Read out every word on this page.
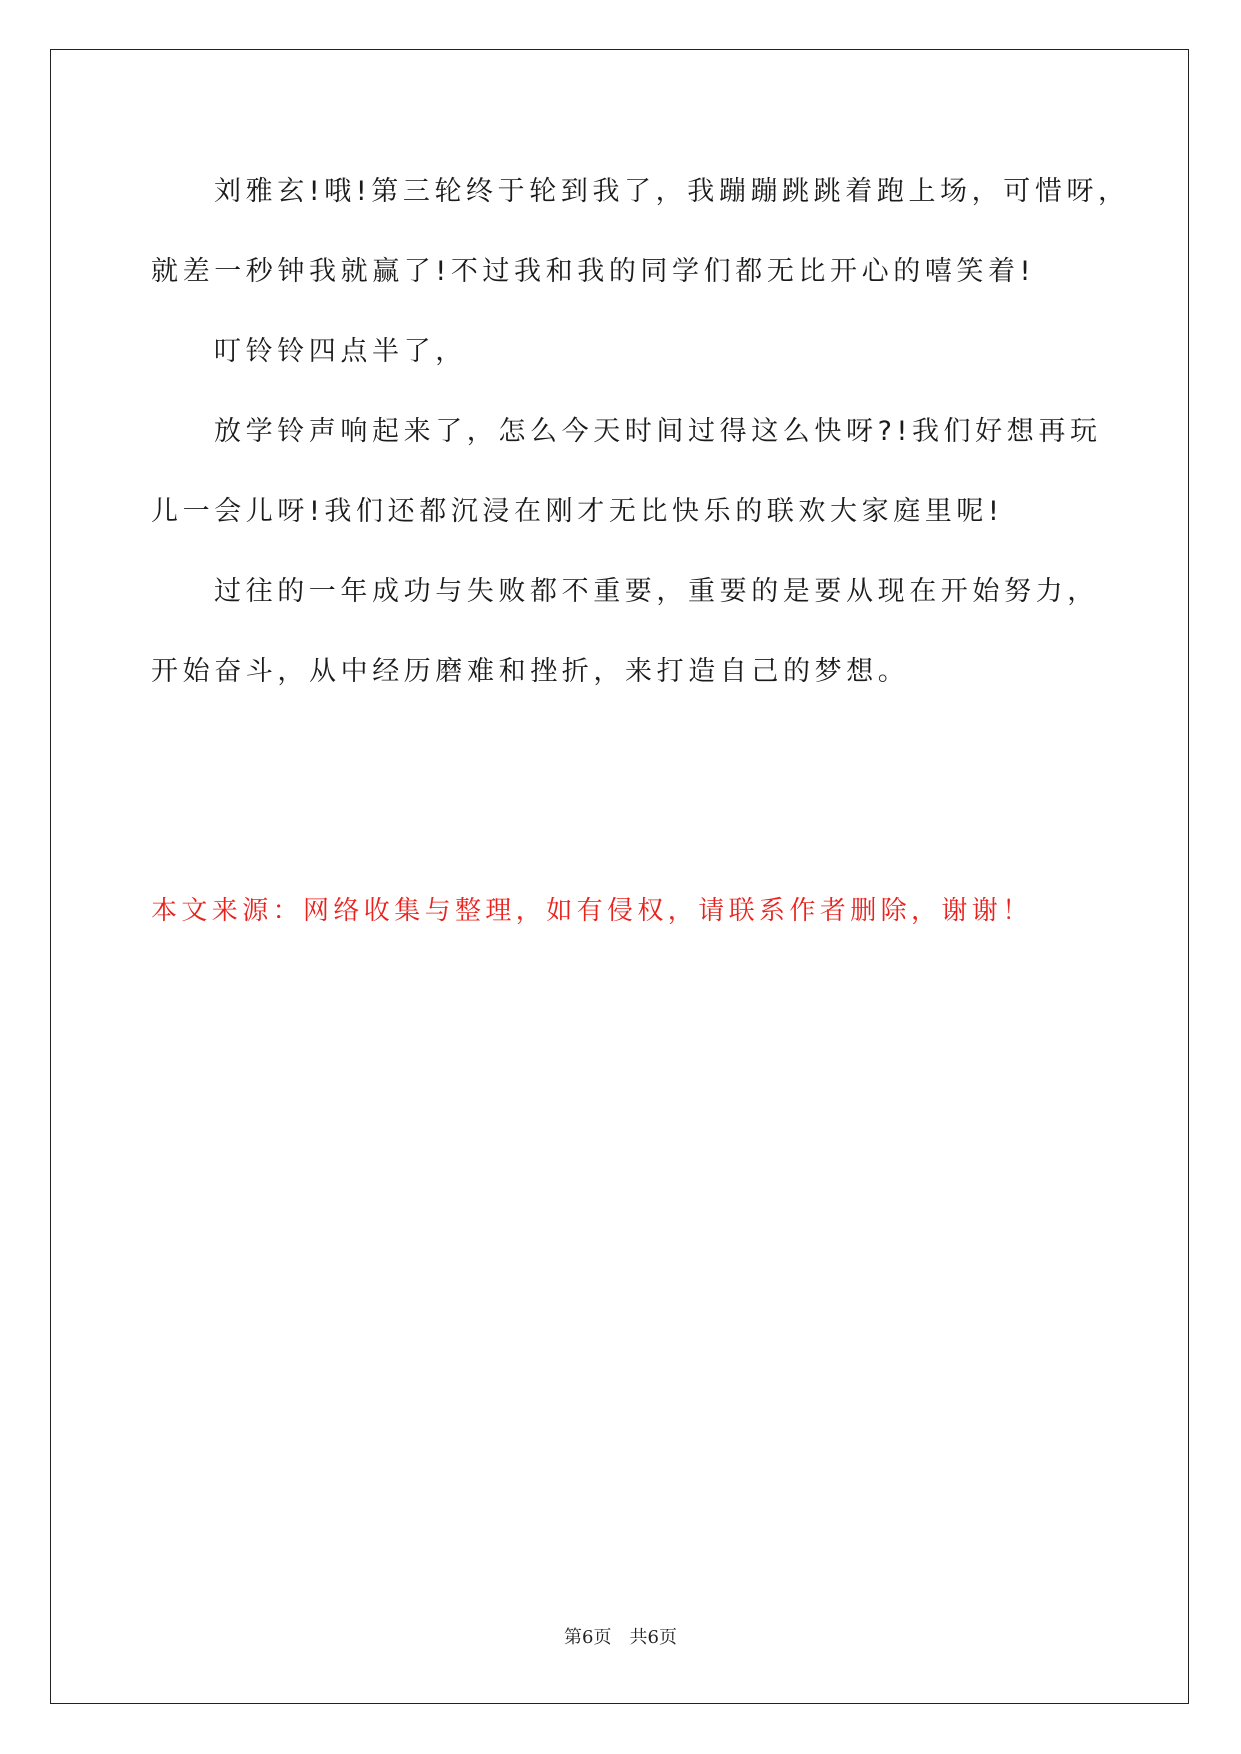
刘雅玄!哦!第三轮终于轮到我了，我蹦蹦跳跳着跑上场，可惜呀，

就差一秒钟我就赢了!不过我和我的同学们都无比开心的嘻笑着!

叮铃铃四点半了，

放学铃声响起来了，怎么今天时间过得这么快呀?!我们好想再玩

儿一会儿呀!我们还都沉浸在刚才无比快乐的联欢大家庭里呢!

过往的一年成功与失败都不重要，重要的是要从现在开始努力，

开始奋斗，从中经历磨难和挫折，来打造自己的梦想。

本文来源：网络收集与整理，如有侵权，请联系作者删除，谢谢！

第6页 共6页
